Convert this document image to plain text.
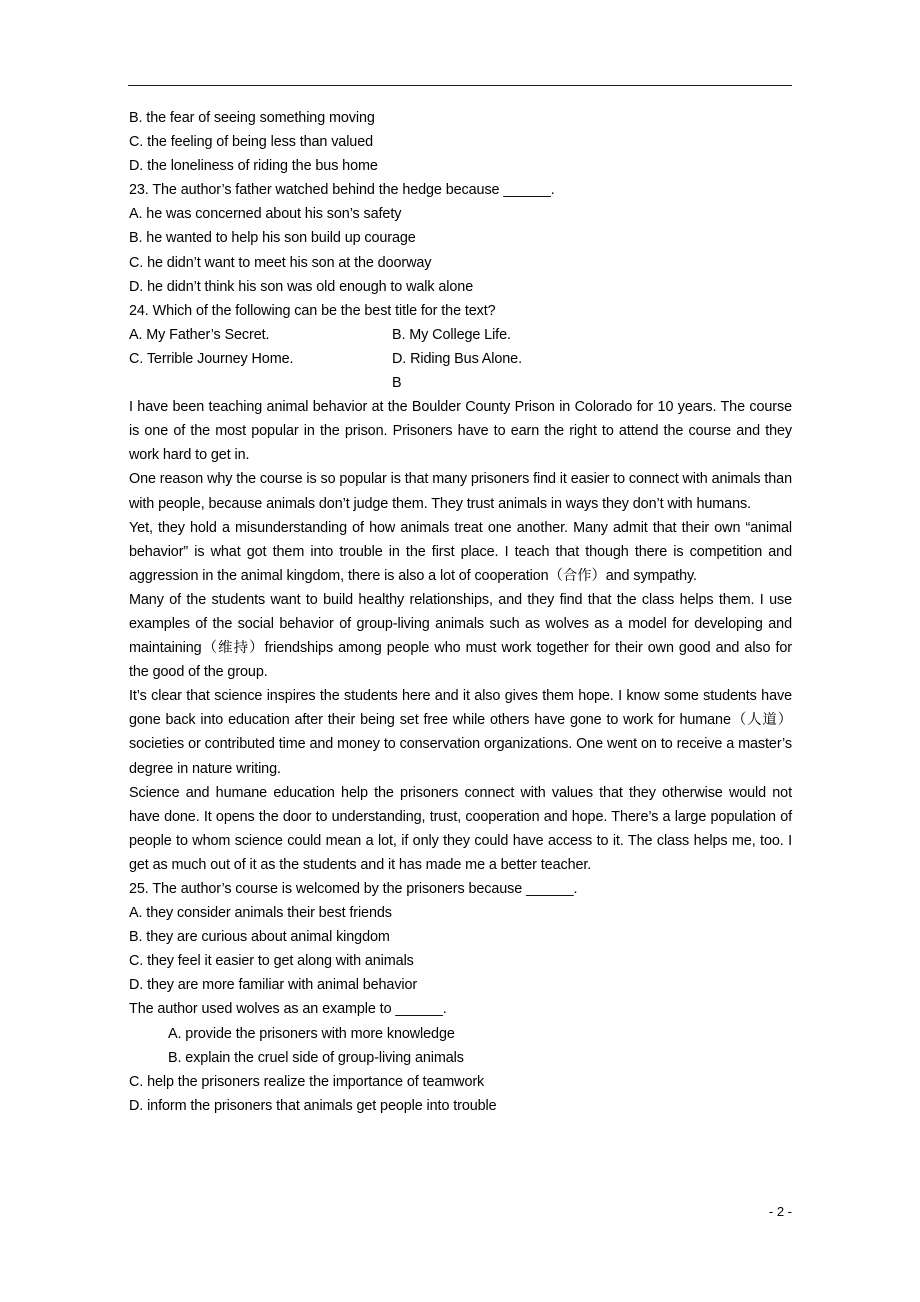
B. the fear of seeing something moving
C. the feeling of being less than valued
D. the loneliness of riding the bus home
23. The author’s father watched behind the hedge because ______.
A. he was concerned about his son’s safety
B. he wanted to help his son build up courage
C. he didn’t want to meet his son at the doorway
D. he didn’t think his son was old enough to walk alone
24. Which of the following can be the best title for the text?
A. My Father’s Secret.	B. My College Life.
C. Terrible Journey Home.	D. Riding Bus Alone.
B

I have been teaching animal behavior at the Boulder County Prison in Colorado for 10 years. The course is one of the most popular in the prison. Prisoners have to earn the right to attend the course and they work hard to get in.

One reason why the course is so popular is that many prisoners find it easier to connect with animals than with people, because animals don’t judge them. They trust animals in ways they don’t with humans.

Yet, they hold a misunderstanding of how animals treat one another. Many admit that their own “animal behavior” is what got them into trouble in the first place. I teach that though there is competition and aggression in the animal kingdom, there is also a lot of cooperation（合作）and sympathy.

Many of the students want to build healthy relationships, and they find that the class helps them. I use examples of the social behavior of group-living animals such as wolves as a model for developing and maintaining（维持）friendships among people who must work together for their own good and also for the good of the group.

It’s clear that science inspires the students here and it also gives them hope. I know some students have gone back into education after their being set free while others have gone to work for humane（人道）societies or contributed time and money to conservation organizations. One went on to receive a master’s degree in nature writing.

Science and humane education help the prisoners connect with values that they otherwise would not have done. It opens the door to understanding, trust, cooperation and hope. There’s a large population of people to whom science could mean a lot, if only they could have access to it. The class helps me, too. I get as much out of it as the students and it has made me a better teacher.

25. The author’s course is welcomed by the prisoners because ______.
A. they consider animals their best friends
B. they are curious about animal kingdom
C. they feel it easier to get along with animals
D. they are more familiar with animal behavior
The author used wolves as an example to ______.
A. provide the prisoners with more knowledge
B. explain the cruel side of group-living animals
C. help the prisoners realize the importance of teamwork
D. inform the prisoners that animals get people into trouble
- 2 -
